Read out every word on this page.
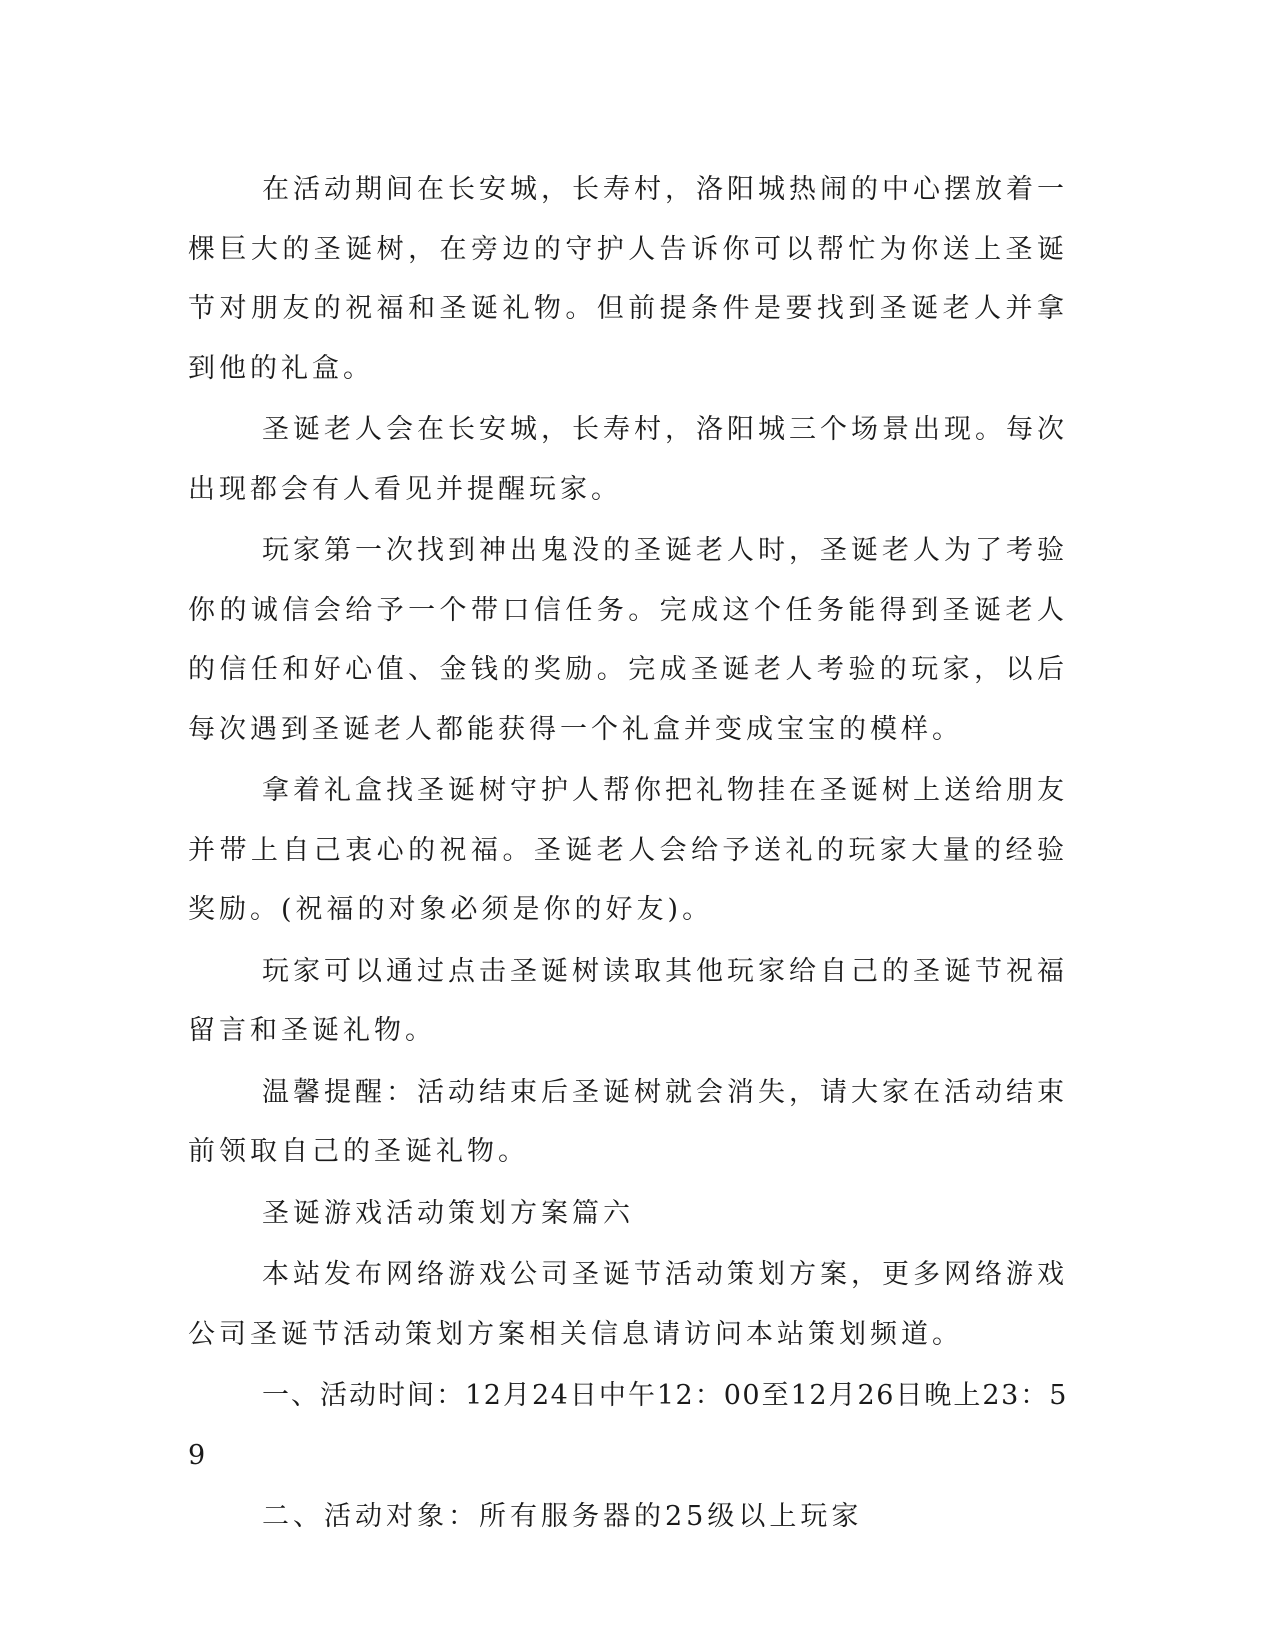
在活动期间在长安城，长寿村，洛阳城热闹的中心摆放着一棵巨大的圣诞树，在旁边的守护人告诉你可以帮忙为你送上圣诞节对朋友的祝福和圣诞礼物。但前提条件是要找到圣诞老人并拿到他的礼盒。

圣诞老人会在长安城，长寿村，洛阳城三个场景出现。每次出现都会有人看见并提醒玩家。

玩家第一次找到神出鬼没的圣诞老人时，圣诞老人为了考验你的诚信会给予一个带口信任务。完成这个任务能得到圣诞老人的信任和好心值、金钱的奖励。完成圣诞老人考验的玩家，以后每次遇到圣诞老人都能获得一个礼盒并变成宝宝的模样。

拿着礼盒找圣诞树守护人帮你把礼物挂在圣诞树上送给朋友并带上自己衷心的祝福。圣诞老人会给予送礼的玩家大量的经验奖励。(祝福的对象必须是你的好友)。

玩家可以通过点击圣诞树读取其他玩家给自己的圣诞节祝福留言和圣诞礼物。

温馨提醒：活动结束后圣诞树就会消失，请大家在活动结束前领取自己的圣诞礼物。

圣诞游戏活动策划方案篇六

本站发布网络游戏公司圣诞节活动策划方案，更多网络游戏公司圣诞节活动策划方案相关信息请访问本站策划频道。

一、活动时间：12月24日中午12：00至12月26日晚上23：59

二、活动对象：所有服务器的25级以上玩家
